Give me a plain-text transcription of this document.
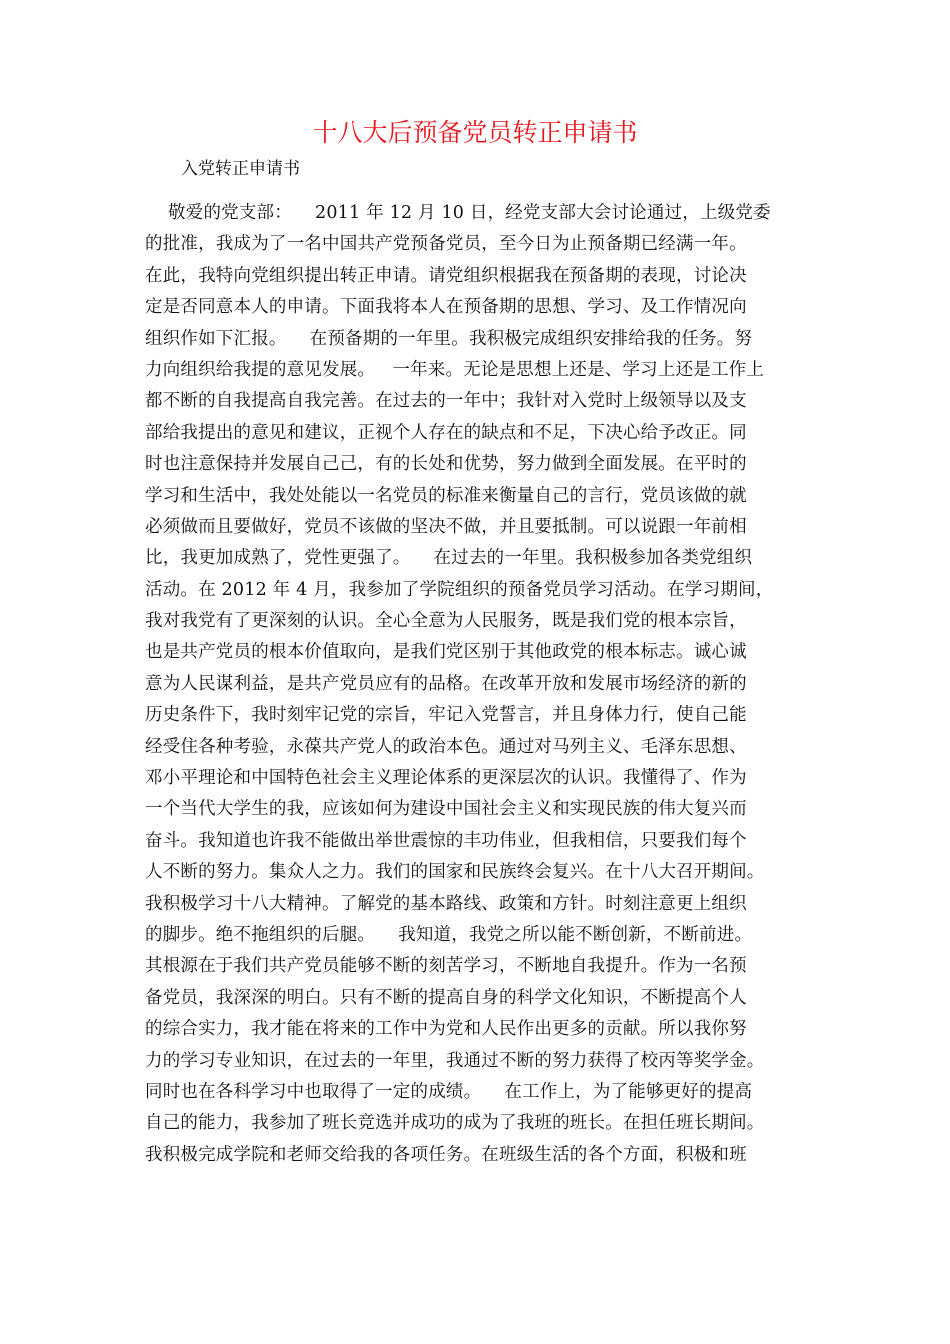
十八大后预备党员转正申请书

入党转正申请书

敬爱的党支部：    2011 年 12 月 10 日，经党支部大会讨论通过，上级党委
的批准，我成为了一名中国共产党预备党员，至今日为止预备期已经满一年。
在此，我特向党组织提出转正申请。请党组织根据我在预备期的表现，讨论决
定是否同意本人的申请。下面我将本人在预备期的思想、学习、及工作情况向
组织作如下汇报。    在预备期的一年里。我积极完成组织安排给我的任务。努
力向组织给我提的意见发展。   一年来。无论是思想上还是、学习上还是工作上
都不断的自我提高自我完善。在过去的一年中；我针对入党时上级领导以及支
部给我提出的意见和建议，正视个人存在的缺点和不足，下决心给予改正。同
时也注意保持并发展自己己，有的长处和优势，努力做到全面发展。在平时的
学习和生活中，我处处能以一名党员的标准来衡量自己的言行，党员该做的就
必须做而且要做好，党员不该做的坚决不做，并且要抵制。可以说跟一年前相
比，我更加成熟了，党性更强了。    在过去的一年里。我积极参加各类党组织
活动。在 2012 年 4 月，我参加了学院组织的预备党员学习活动。在学习期间，
我对我党有了更深刻的认识。全心全意为人民服务，既是我们党的根本宗旨，
也是共产党员的根本价值取向，是我们党区别于其他政党的根本标志。诚心诚
意为人民谋利益，是共产党员应有的品格。在改革开放和发展市场经济的新的
历史条件下，我时刻牢记党的宗旨，牢记入党誓言，并且身体力行，使自己能
经受住各种考验，永葆共产党人的政治本色。通过对马列主义、毛泽东思想、
邓小平理论和中国特色社会主义理论体系的更深层次的认识。我懂得了、作为
一个当代大学生的我，应该如何为建设中国社会主义和实现民族的伟大复兴而
奋斗。我知道也许我不能做出举世震惊的丰功伟业，但我相信，只要我们每个
人不断的努力。集众人之力。我们的国家和民族终会复兴。在十八大召开期间。
我积极学习十八大精神。了解党的基本路线、政策和方针。时刻注意更上组织
的脚步。绝不拖组织的后腿。    我知道，我党之所以能不断创新，不断前进。
其根源在于我们共产党员能够不断的刻苦学习，不断地自我提升。作为一名预
备党员，我深深的明白。只有不断的提高自身的科学文化知识，不断提高个人
的综合实力，我才能在将来的工作中为党和人民作出更多的贡献。所以我你努
力的学习专业知识，在过去的一年里，我通过不断的努力获得了校丙等奖学金。
同时也在各科学习中也取得了一定的成绩。    在工作上，为了能够更好的提高
自己的能力，我参加了班长竞选并成功的成为了我班的班长。在担任班长期间。
我积极完成学院和老师交给我的各项任务。在班级生活的各个方面，积极和班
